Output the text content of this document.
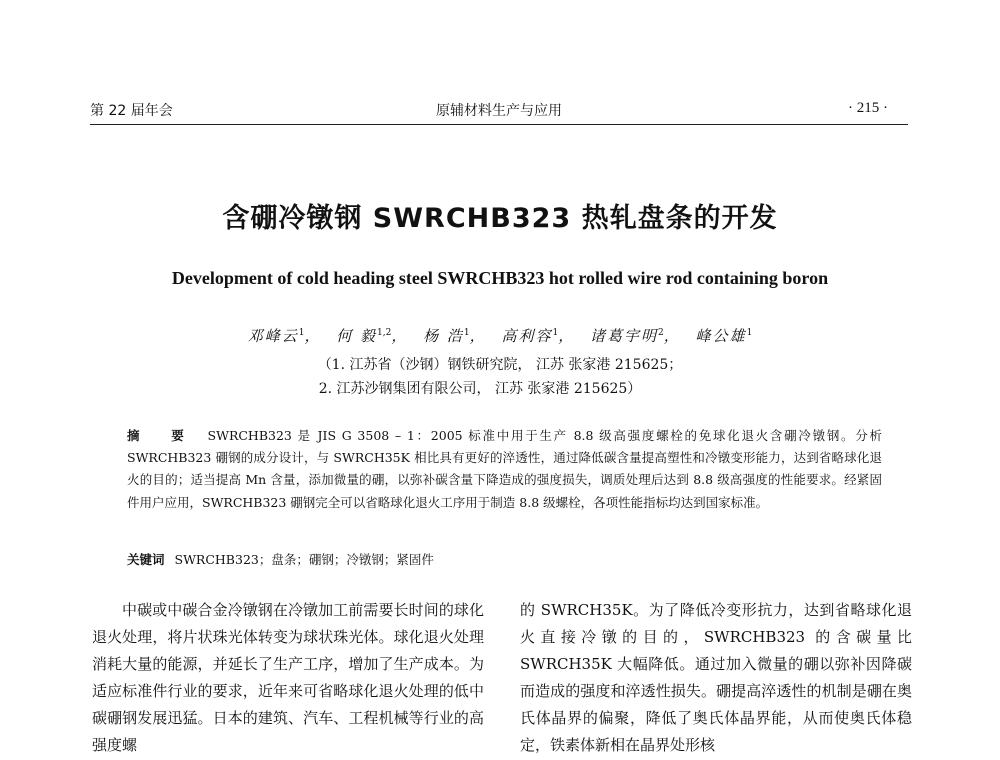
第 22 届年会	原辅材料生产与应用	· 215 ·
含硼冷镦钢 SWRCHB323 热轧盘条的开发
Development of cold heading steel SWRCHB323 hot rolled wire rod containing boron
邓峰云$^1$， 何 毅$^{1,2}$， 杨 浩$^1$， 高利容$^1$， 诸葛宇明$^2$， 峰公雄$^1$
（1. 江苏省（沙钢）钢铁研究院， 江苏 张家港 215625；
2. 江苏沙钢集团有限公司， 江苏 张家港 215625）
摘 要 SWRCHB323 是 JIS G 3508 – 1：2005 标准中用于生产 8.8 级高强度螺栓的免球化退火含硼冷镦钢。分析 SWRCHB323 硼钢的成分设计，与 SWRCH35K 相比具有更好的淬透性，通过降低碳含量提高塑性和冷镦变形能力，达到省略球化退火的目的；适当提高 Mn 含量，添加微量的硼，以弥补碳含量下降造成的强度损失，调质处理后达到 8.8 级高强度的性能要求。经紧固件用户应用，SWRCHB323 硼钢完全可以省略球化退火工序用于制造 8.8 级螺栓，各项性能指标均达到国家标准。
关键词 SWRCHB323；盘条；硼钢；冷镦钢；紧固件

中碳或中碳合金冷镦钢在冷镦加工前需要长时间的球化退火处理，将片状珠光体转变为球状珠光体。球化退火处理消耗大量的能源，并延长了生产工序，增加了生产成本。为适应标准件行业的要求，近年来可省略球化退火处理的低中碳硼钢发展迅猛。日本的建筑、汽车、工程机械等行业的高强度螺

的 SWRCH35K。为了降低冷变形抗力，达到省略球化退火直接冷镦的目的，SWRCHB323 的含碳量比 SWRCH35K 大幅降低。通过加入微量的硼以弥补因降碳而造成的强度和淬透性损失。硼提高淬透性的机制是硼在奥氏体晶界的偏聚，降低了奥氏体晶界能，从而使奥氏体稳定，铁素体新相在晶界处形核
